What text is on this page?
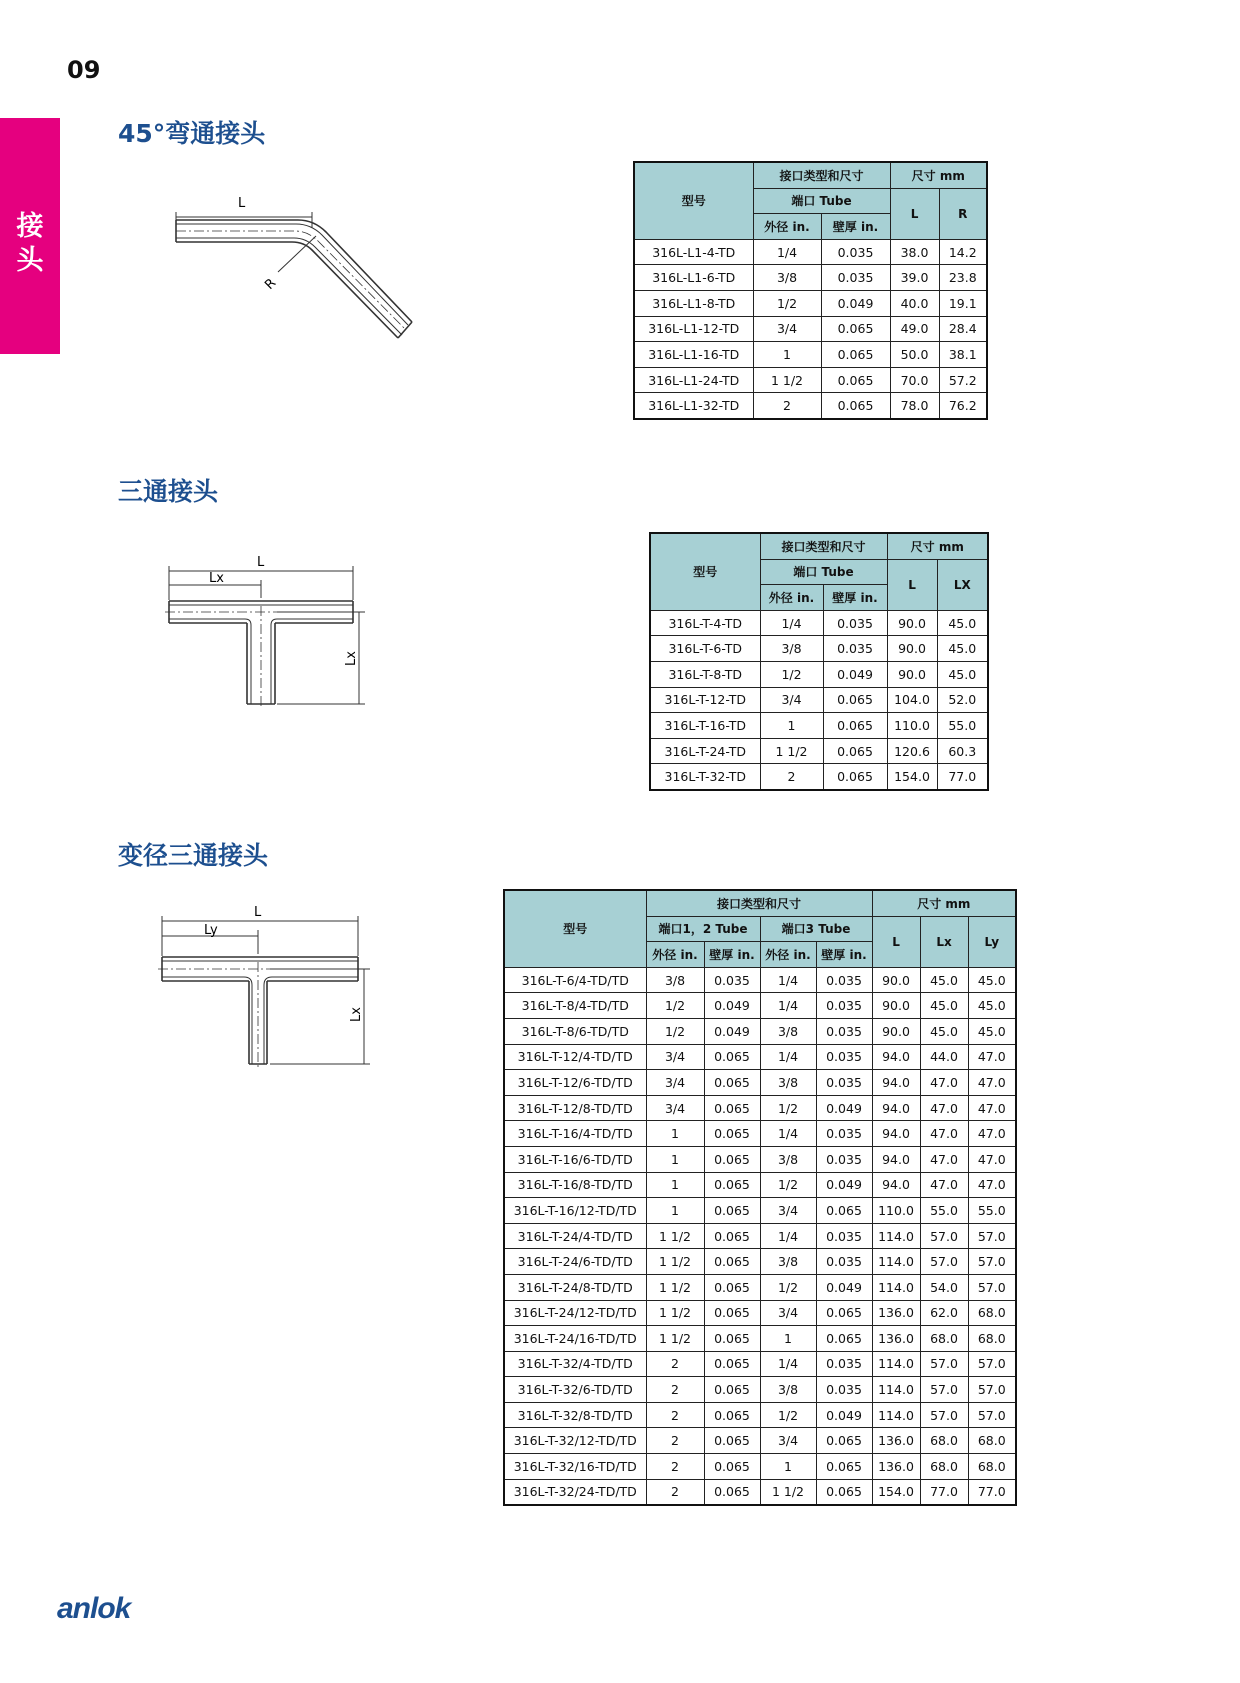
09
接
头
45°弯通接头
L
R
型号	接口类型和尺寸		尺寸 mm	
	端口 Tube		L	R
	外径 in.	壁厚 in.		
316L-L1-4-TD	1/4	0.035	38.0	14.2
316L-L1-6-TD	3/8	0.035	39.0	23.8
316L-L1-8-TD	1/2	0.049	40.0	19.1
316L-L1-12-TD	3/4	0.065	49.0	28.4
316L-L1-16-TD	1	0.065	50.0	38.1
316L-L1-24-TD	1 1/2	0.065	70.0	57.2
316L-L1-32-TD	2	0.065	78.0	76.2
三通接头
L
Lx
Lx
型号	接口类型和尺寸		尺寸 mm	
	端口 Tube		L	LX
	外径 in.	壁厚 in.		
316L-T-4-TD	1/4	0.035	90.0	45.0
316L-T-6-TD	3/8	0.035	90.0	45.0
316L-T-8-TD	1/2	0.049	90.0	45.0
316L-T-12-TD	3/4	0.065	104.0	52.0
316L-T-16-TD	1	0.065	110.0	55.0
316L-T-24-TD	1 1/2	0.065	120.6	60.3
316L-T-32-TD	2	0.065	154.0	77.0
变径三通接头
L
Ly
Lx
型号	接口类型和尺寸				尺寸 mm		
	端口1，2 Tube		端口3 Tube		L	Lx	Ly
	外径 in.	壁厚 in.	外径 in.	壁厚 in.			
316L-T-6/4-TD/TD	3/8	0.035	1/4	0.035	90.0	45.0	45.0
316L-T-8/4-TD/TD	1/2	0.049	1/4	0.035	90.0	45.0	45.0
316L-T-8/6-TD/TD	1/2	0.049	3/8	0.035	90.0	45.0	45.0
316L-T-12/4-TD/TD	3/4	0.065	1/4	0.035	94.0	44.0	47.0
316L-T-12/6-TD/TD	3/4	0.065	3/8	0.035	94.0	47.0	47.0
316L-T-12/8-TD/TD	3/4	0.065	1/2	0.049	94.0	47.0	47.0
316L-T-16/4-TD/TD	1	0.065	1/4	0.035	94.0	47.0	47.0
316L-T-16/6-TD/TD	1	0.065	3/8	0.035	94.0	47.0	47.0
316L-T-16/8-TD/TD	1	0.065	1/2	0.049	94.0	47.0	47.0
316L-T-16/12-TD/TD	1	0.065	3/4	0.065	110.0	55.0	55.0
316L-T-24/4-TD/TD	1 1/2	0.065	1/4	0.035	114.0	57.0	57.0
316L-T-24/6-TD/TD	1 1/2	0.065	3/8	0.035	114.0	57.0	57.0
316L-T-24/8-TD/TD	1 1/2	0.065	1/2	0.049	114.0	54.0	57.0
316L-T-24/12-TD/TD	1 1/2	0.065	3/4	0.065	136.0	62.0	68.0
316L-T-24/16-TD/TD	1 1/2	0.065	1	0.065	136.0	68.0	68.0
316L-T-32/4-TD/TD	2	0.065	1/4	0.035	114.0	57.0	57.0
316L-T-32/6-TD/TD	2	0.065	3/8	0.035	114.0	57.0	57.0
316L-T-32/8-TD/TD	2	0.065	1/2	0.049	114.0	57.0	57.0
316L-T-32/12-TD/TD	2	0.065	3/4	0.065	136.0	68.0	68.0
316L-T-32/16-TD/TD	2	0.065	1	0.065	136.0	68.0	68.0
316L-T-32/24-TD/TD	2	0.065	1 1/2	0.065	154.0	77.0	77.0
anlok
